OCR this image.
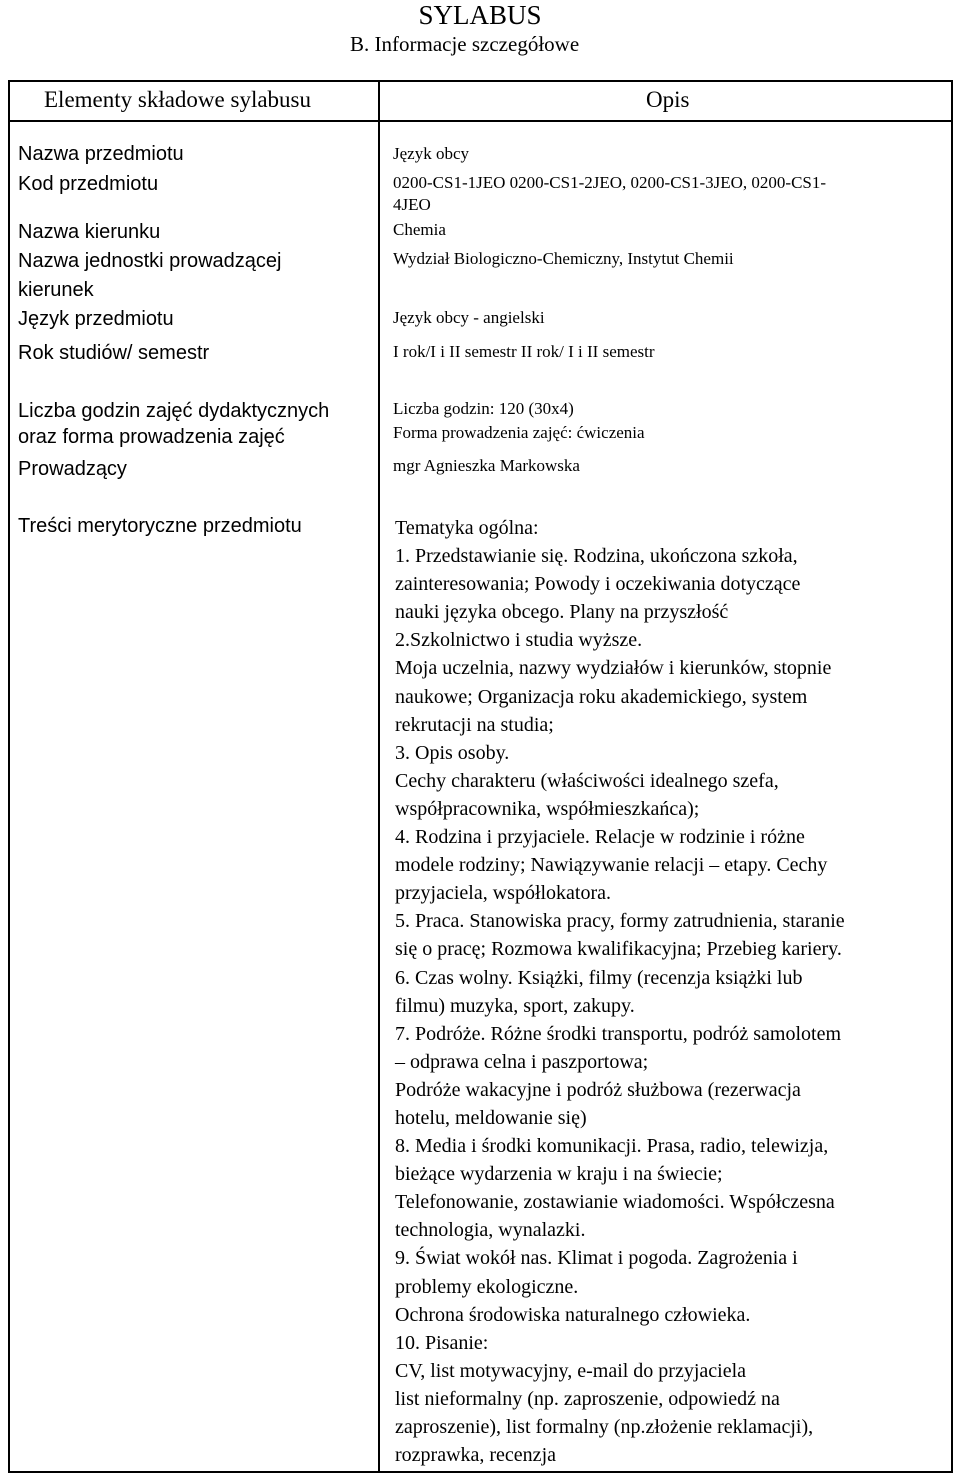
SYLABUS
B. Informacje szczegółowe
Elementy składowe sylabusu	Opis
Nazwa przedmiotu
Kod przedmiotu
Nazwa kierunku
Nazwa jednostki prowadzącej
kierunek
Język przedmiotu
Rok studiów/ semestr
Liczba godzin zajęć dydaktycznych
oraz forma prowadzenia zajęć
Prowadzący
Treści merytoryczne przedmiotu
Język obcy
0200-CS1-1JEO 0200-CS1-2JEO, 0200-CS1-3JEO, 0200-CS1-
4JEO
Chemia
Wydział Biologiczno-Chemiczny, Instytut Chemii
Język obcy - angielski
I rok/I i II semestr II rok/ I i II semestr
Liczba godzin: 120 (30x4)
Forma prowadzenia zajęć: ćwiczenia
mgr Agnieszka Markowska
Tematyka ogólna:
1. Przedstawianie się. Rodzina, ukończona szkoła,
zainteresowania; Powody i oczekiwania dotyczące
nauki języka obcego. Plany na przyszłość
2.Szkolnictwo i studia wyższe.
Moja uczelnia, nazwy wydziałów i kierunków, stopnie
naukowe; Organizacja roku akademickiego, system
rekrutacji na studia;
3. Opis osoby.
Cechy charakteru (właściwości idealnego szefa,
współpracownika, współmieszkańca);
4. Rodzina i przyjaciele. Relacje w rodzinie i różne
modele rodziny; Nawiązywanie relacji – etapy. Cechy
przyjaciela, współlokatora.
5. Praca. Stanowiska pracy, formy zatrudnienia, staranie
się o pracę; Rozmowa kwalifikacyjna; Przebieg kariery.
6. Czas wolny. Książki, filmy (recenzja książki lub
filmu) muzyka, sport, zakupy.
7. Podróże. Różne środki transportu, podróż samolotem
– odprawa celna i paszportowa;
Podróże wakacyjne i podróż służbowa (rezerwacja
hotelu, meldowanie się)
8. Media i środki komunikacji. Prasa, radio, telewizja,
bieżące wydarzenia w kraju i na świecie;
Telefonowanie, zostawianie wiadomości. Współczesna
technologia, wynalazki.
9. Świat wokół nas. Klimat i pogoda. Zagrożenia i
problemy ekologiczne.
Ochrona środowiska naturalnego człowieka.
10. Pisanie:
CV, list motywacyjny, e-mail do przyjaciela
list nieformalny (np. zaproszenie, odpowiedź na
zaproszenie), list formalny (np.złożenie reklamacji),
rozprawka, recenzja
